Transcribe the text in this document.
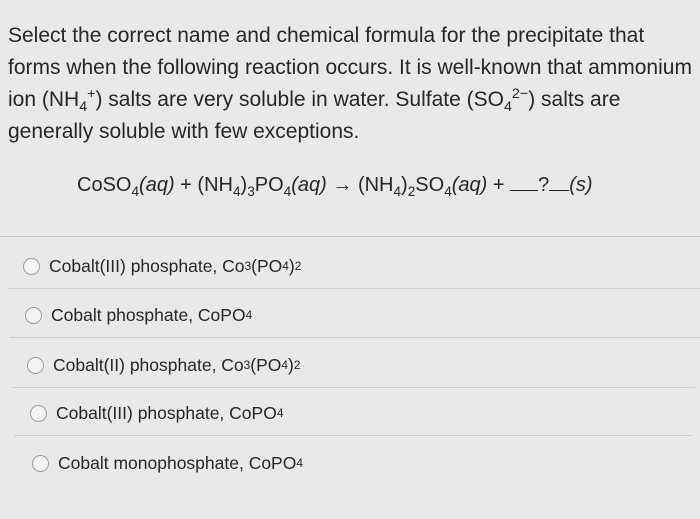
Select the correct name and chemical formula for the precipitate that forms when the following reaction occurs. It is well-known that ammonium ion $(NH_4^+)$ salts are very soluble in water. Sulfate $(SO_4^{2-})$ salts are generally soluble with few exceptions.
CoSO$_4$(aq) + $(NH_4)_3PO_4(aq) \to (NH_4)_2SO_4(aq)$ + ? (s)
Cobalt(III) phosphate, Co 3 (PO 4 ) 2
Cobalt phosphate, CoPO 4
Cobalt(II) phosphate, Co 3 (PO 4 ) 2
Cobalt(III) phosphate, CoPO 4
Cobalt monophosphate, CoPO 4
